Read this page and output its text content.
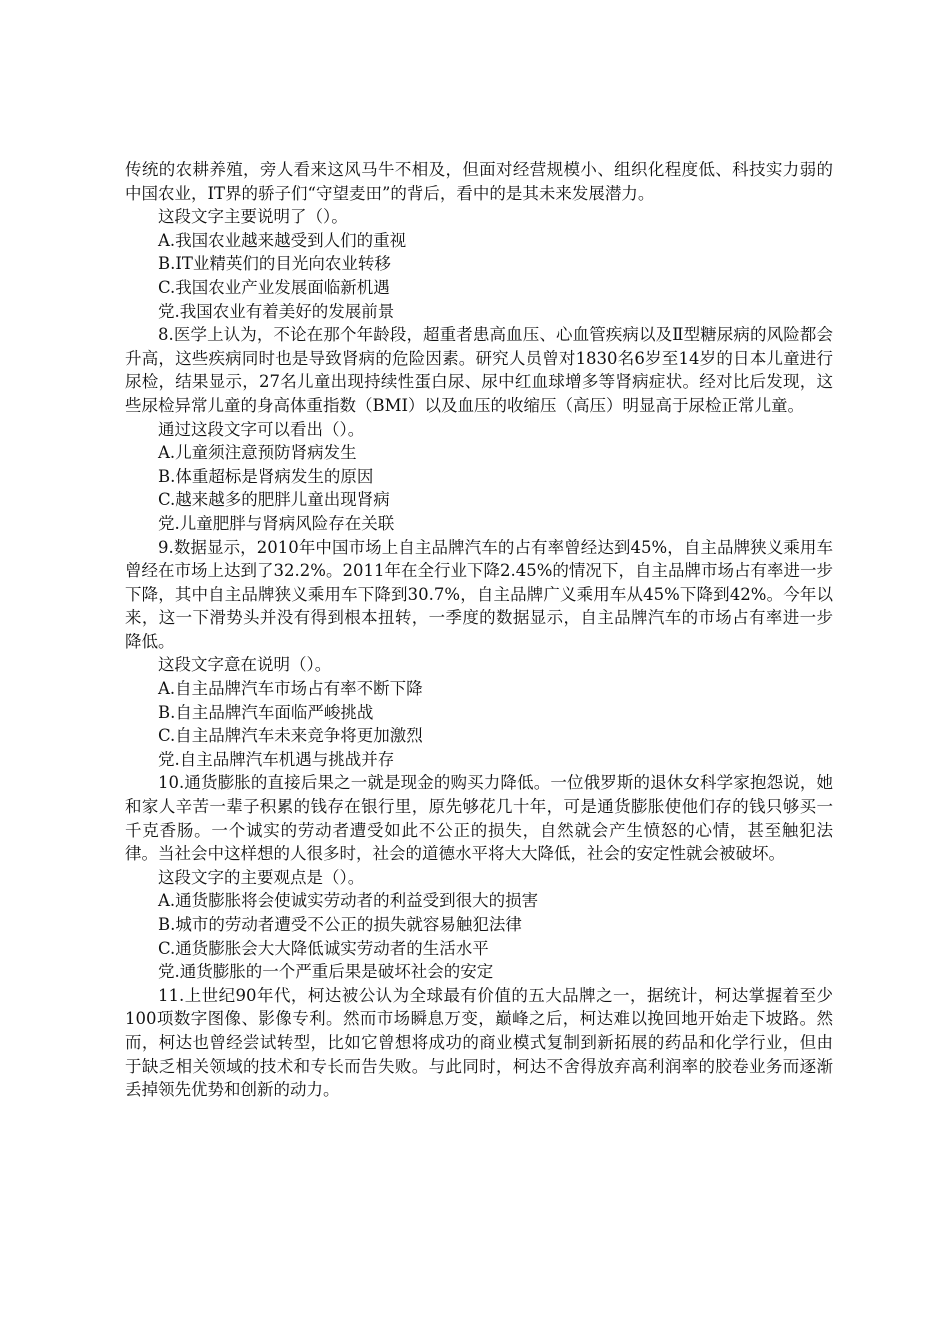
传统的农耕养殖，旁人看来这风马牛不相及，但面对经营规模小、组织化程度低、科技实力弱的中国农业，IT界的骄子们“守望麦田”的背后，看中的是其未来发展潜力。

这段文字主要说明了（）。

A.我国农业越来越受到人们的重视

B.IT业精英们的目光向农业转移

C.我国农业产业发展面临新机遇

党.我国农业有着美好的发展前景

8.医学上认为，不论在那个年龄段，超重者患高血压、心血管疾病以及Ⅱ型糖尿病的风险都会升高，这些疾病同时也是导致肾病的危险因素。研究人员曾对1830名6岁至14岁的日本儿童进行尿检，结果显示，27名儿童出现持续性蛋白尿、尿中红血球增多等肾病症状。经对比后发现，这些尿检异常儿童的身高体重指数（BMI）以及血压的收缩压（高压）明显高于尿检正常儿童。

通过这段文字可以看出（）。

A.儿童须注意预防肾病发生

B.体重超标是肾病发生的原因

C.越来越多的肥胖儿童出现肾病

党.儿童肥胖与肾病风险存在关联

9.数据显示，2010年中国市场上自主品牌汽车的占有率曾经达到45%，自主品牌狭义乘用车曾经在市场上达到了32.2%。2011年在全行业下降2.45%的情况下，自主品牌市场占有率进一步下降，其中自主品牌狭义乘用车下降到30.7%，自主品牌广义乘用车从45%下降到42%。今年以来，这一下滑势头并没有得到根本扭转，一季度的数据显示，自主品牌汽车的市场占有率进一步降低。

这段文字意在说明（）。

A.自主品牌汽车市场占有率不断下降

B.自主品牌汽车面临严峻挑战

C.自主品牌汽车未来竞争将更加激烈

党.自主品牌汽车机遇与挑战并存

10.通货膨胀的直接后果之一就是现金的购买力降低。一位俄罗斯的退休女科学家抱怨说，她和家人辛苦一辈子积累的钱存在银行里，原先够花几十年，可是通货膨胀使他们存的钱只够买一千克香肠。一个诚实的劳动者遭受如此不公正的损失，自然就会产生愤怒的心情，甚至触犯法律。当社会中这样想的人很多时，社会的道德水平将大大降低，社会的安定性就会被破坏。

这段文字的主要观点是（）。

A.通货膨胀将会使诚实劳动者的利益受到很大的损害

B.城市的劳动者遭受不公正的损失就容易触犯法律

C.通货膨胀会大大降低诚实劳动者的生活水平

党.通货膨胀的一个严重后果是破坏社会的安定

11.上世纪90年代，柯达被公认为全球最有价值的五大品牌之一，据统计，柯达掌握着至少100项数字图像、影像专利。然而市场瞬息万变，巅峰之后，柯达难以挽回地开始走下坡路。然而，柯达也曾经尝试转型，比如它曾想将成功的商业模式复制到新拓展的药品和化学行业，但由于缺乏相关领域的技术和专长而告失败。与此同时，柯达不舍得放弃高利润率的胶卷业务而逐渐丢掉领先优势和创新的动力。
